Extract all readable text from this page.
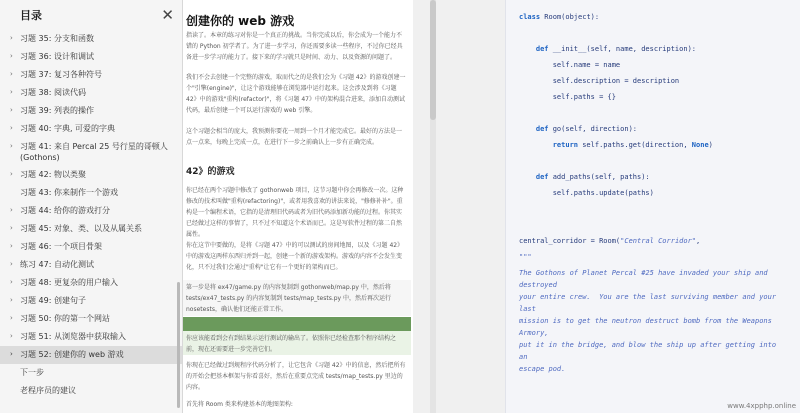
目录	✕
› 习题 35: 分支和函数
› 习题 36: 设计和调试
› 习题 37: 复习各种符号
› 习题 38: 阅读代码
› 习题 39: 列表的操作
› 习题 40: 字典, 可爱的字典
› 习题 41: 来自 Percal 25 号行星的哥顿人 (Gothons)
› 习题 42: 物以类聚
习题 43: 你来制作一个游戏
› 习题 44: 给你的游戏打分
› 习题 45: 对象、类、以及从属关系
› 习题 46: 一个项目骨架
› 练习 47: 自动化测试
› 习题 48: 更复杂的用户输入
› 习题 49: 创建句子
› 习题 50: 你的第一个网站
› 习题 51: 从浏览器中获取输入
› 习题 52: 创建你的 web 游戏
下一步
老程序员的建议
创建你的 web 游戏
指读了。本章的练习对你是一个真正的挑战。当你完成以后，你会成为一个能力不错的 Python 初学者了。为了进一步学习，你还需要多读一些程序，不过你已经具备进一步学习的能力了。接下来的学习就只是时间、动力、以及资源的问题了。
我们不会去创建一个完整的游戏，取而代之的是我们会为《习题 42》的游戏创建一个"引擎(engine)"，让这个游戏能够在浏览器中运行起来。这会涉及到将《习题 42》中的游戏"重构(refactor)"，将《习题 47》中的架构混合进来，添加自动测试代码，最后创建一个可以运行游戏的 web 引擎。
这个习题会相当的庞大，我预测你要花一周到一个月才能完成它。最好的方法是一点一点来，每晚上完成一点，在进行下一步之前确认上一步有正确完成。
42》的游戏
你已经在两个习题中修改了 gothonweb 项目，这节习题中你会再修改一次。这种修改的技术叫做"重构(refactoring)"，或者用我喜欢的讲法来说，"修修补补"。重构是一个编程术语，它指的是清理旧代码或者为旧代码添加新功能的过程。你其实已经做过这样的事情了，只不过不知道这个术语而已。这是写软件过程的第二自然属性。
你在这节中要做的，是将《习题 47》中的可以测试的房间地图，以及《习题 42》中的游戏这两样东西归并到一起，创建一个新的游戏架构。游戏的内容不会发生变化，只不过我们会通过"重构"让它有一个更好的架构而已。
第一步是将 ex47/game.py 的内容复制到 gothonweb/map.py 中，然后将 tests/ex47_tests.py 的内容复制到 tests/map_tests.py 中，然后再次运行 nosetests，确认他们还能正常工作。
你应该能看到会有到结果示运行测试的输出了。依照你已经检查那个程序结构之前，现在还需要进一步完善它们。
你现在已经做过到规程序代码分析了，让它包含《习题 42》中的信息，然后把所有的开始会把基本框架与你看喜好，然后在重要点完成 tests/map_tests.py 里边的内容。
首先将 Room 类来构建基本的地图架构:
class Room(object):
def __init__(self, name, description):
self.name = name
self.description = description
self.paths = {}
def go(self, direction):
return self.paths.get(direction, None)
def add_paths(self, paths):
self.paths.update(paths)
central_corridor = Room("Central Corridor",
"""
The Gothons of Planet Percal #25 have invaded your ship and
destroyed
your entire crew.  You are the last surviving member and your
last
mission is to get the neutron destruct bomb from the Weapons
Armory,
put it in the bridge, and blow the ship up after getting into
an
escape pod.
www.4xpphp.online
